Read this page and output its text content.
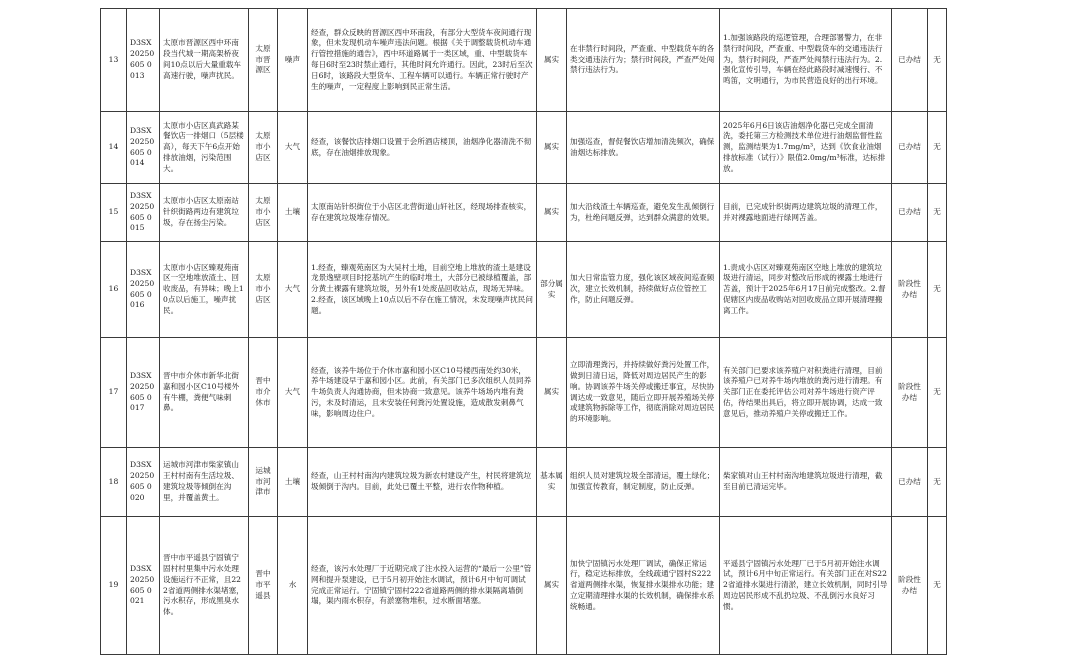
13	D3SX20250605 0013	太原市晋源区西中环南段当代城一期高架桥夜间10点以后大量重载车高速行驶，噪声扰民。	太原市晋源区	噪声	经查，群众反映的晋源区西中环南段，有部分大型货车夜间通行现象，但未发现机动车噪声违法问题。根据《关于调整载货机动车通行管控措施的通告》，西中环道路属于一类区域，重、中型载货车每日6时至23时禁止通行，其他时间允许通行。因此，23时后至次日6时，该路段大型货车、工程车辆可以通行。车辆正常行驶时产生的噪声，一定程度上影响到民正常生活。	属实	在非禁行时间段，严查重、中型载货车的各类交通违法行为；禁行时间段，严查严处闯禁行违法行为。	1.加强该路段的巡逻管理，合理部署警力，在非禁行时间段，严查重、中型载货车的交通违法行为，禁行时间段，严查严处闯禁行违法行为。2.强化宣传引导，车辆在经此路段时减速慢行、不鸣笛，文明通行，为市民营造良好的出行环境。	已办结	无
14	D3SX20250605 0014	太原市小店区真武路某餐饮店一排烟口（5层楼高），每天下午6点开始排放油烟，污染范围大。	太原市小店区	大气	经查，该餐饮店排烟口设置于会所酒店楼顶，油烟净化器清洗不彻底，存在油烟排放现象。	属实	加强巡查，督促餐饮店增加清洗频次，确保油烟达标排放。	2025年6月6日该店油烟净化器已完成全面清洗，委托第三方检测技术单位进行油烟监督性监测，监测结果为1.7mg/m³，达到《饮食业油烟排放标准（试行）》限值2.0mg/m³标准，达标排放。	已办结	无
15	D3SX20250605 0015	太原市小店区太原南站针织街路两边有建筑垃圾，存在扬尘污染。	太原市小店区	土壤	太原南站针织街位于小店区北营街道山轩社区，经现场排查核实，存在建筑垃圾堆存情况。	属实	加大沿线渣土车辆巡查，避免发生乱倾倒行为，杜绝问题反弹，达到群众满意的效果。	目前，已完成针织街两边建筑垃圾的清理工作，并对裸露地面进行绿网苫盖。	已办结	无
16	D3SX20250605 0016	太原市小店区臻观苑南区一空地堆放渣土、回收废品，有异味；晚上10点以后施工，噪声扰民。	太原市小店区	大气	1.经查，臻观苑南区为大吴村土地，目前空地上堆放的渣土是建设龙景逸壁项目时挖基坑产生的临时堆土，大部分已被绿植覆盖，部分黄土裸露有建筑垃圾，另外有1处废品回收站点，现场无异味。2.经查，该区域晚上10点以后不存在施工情况，未发现噪声扰民问题。	部分属实	加大日常监管力度，强化该区域夜间巡查频次，建立长效机制，持续做好点位管控工作，防止问题反弹。	1.责成小店区对臻观苑南区空地上堆放的建筑垃圾进行清运，同步对整改后形成的裸露土地进行苫盖，预计于2025年6月17日前完成整改。2.督促辖区内废品收购站对回收废品立即开展清理搬离工作。	阶段性办结	无
17	D3SX20250605 0017	晋中市介休市新华北街嘉和园小区C10号楼外有牛棚，粪便气味刺鼻。	晋中市介休市	大气	经查，该养牛场位于介休市嘉和园小区C10号楼西南处约30米，养牛场建设早于嘉和园小区。此前，有关部门已多次组织人员同养牛场负责人沟通协商，但未协商一致意见。该养牛场场内堆有粪污，未及时清运，且未安装任何粪污处置设施，造成散发刺鼻气味，影响周边住户。	属实	立即清理粪污，并持续做好粪污处置工作，做到日清日运，降低对周边居民产生的影响。协调该养牛场关停或搬迁事宜，尽快协调达成一致意见，随后立即开展养殖场关停或建筑物拆除等工作，彻底消除对周边居民的环境影响。	有关部门已要求该养殖户对积粪进行清理，目前该养殖户已对养牛场内堆放的粪污进行清理。有关部门正在委托评估公司对养牛场进行资产评估，待结果出具后，将立即开展协调，达成一致意见后，推动养殖户关停或搬迁工作。	阶段性办结	无
18	D3SX20250605 0020	运城市河津市柴家镇山王村村南有生活垃圾、建筑垃圾等倾倒在沟里，并覆盖黄土。	运城市河津市	土壤	经查，山王村村南沟内建筑垃圾为新农村建设产生，村民将建筑垃圾倾倒于沟内。目前，此处已覆土平整，进行农作物种植。	基本属实	组织人员对建筑垃圾全部清运，覆土绿化；加强宣传教育，制定制度，防止反弹。	柴家镇对山王村村南沟地建筑垃圾进行清理，截至目前已清运完毕。	已办结	无
19	D3SX20250605 0021	晋中市平遥县宁固镇宁固村村里集中污水处理设施运行不正常，且222省道两侧排水渠堵塞，污水积存，形成黑臭水体。	晋中市平遥县	水	经查，该污水处理厂于近期完成了注水投入运营的“最后一公里”管网和提升泵建设，已于5月初开始注水调试，预计6月中旬可调试完成正常运行。宁固镇宁固村222省道路两侧的排水渠隔离墙倒塌，渠内雨水积存，有淤塞物堆积，过水断面堵塞。	属实	加快宁固镇污水处理厂调试，确保正常运行，稳定达标排放，全线疏通宁固村S222省道两侧排水渠，恢复排水渠排水功能；建立定期清理排水渠的长效机制，确保排水系统畅通。	平遥县宁固镇污水处理厂已于5月初开始注水调试，预计6月中旬正常运行。有关部门正在对S222省道排水渠进行清淤，建立长效机制，同时引导周边居民形成不乱扔垃圾、不乱倒污水良好习惯。	阶段性办结	无
